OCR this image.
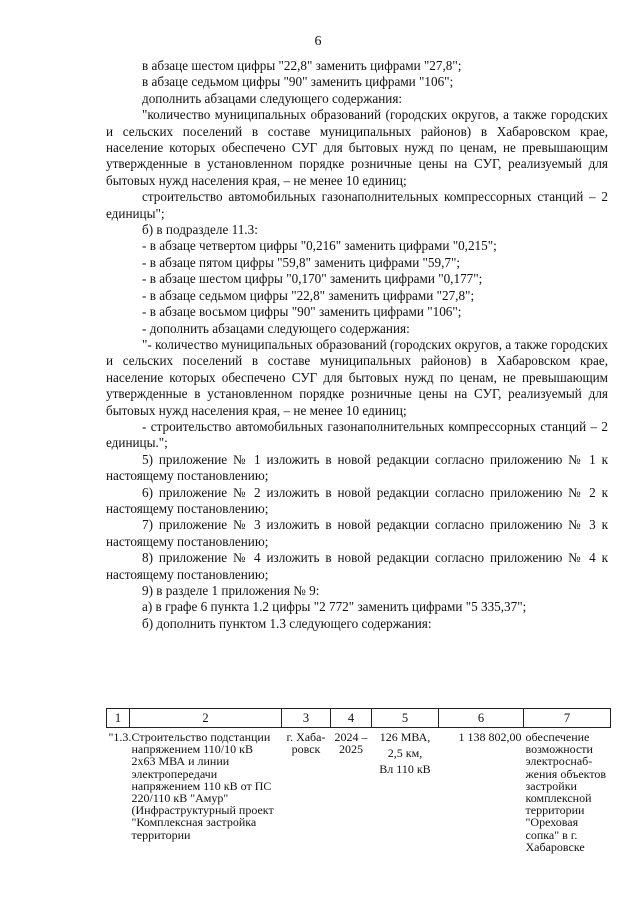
6

в абзаце шестом цифры "22,8" заменить цифрами "27,8";

в абзаце седьмом цифры "90" заменить цифрами "106";

дополнить абзацами следующего содержания:

"количество муниципальных образований (городских округов, а также городских и сельских поселений в составе муниципальных районов) в Хабаровском крае, население которых обеспечено СУГ для бытовых нужд по ценам, не превышающим утвержденные в установленном порядке розничные цены на СУГ, реализуемый для бытовых нужд населения края, – не менее 10 единиц;

строительство автомобильных газонаполнительных компрессорных станций – 2 единицы";

б) в подразделе 11.3:

- в абзаце четвертом цифры "0,216" заменить цифрами "0,215";

- в абзаце пятом цифры "59,8" заменить цифрами "59,7";

- в абзаце шестом цифры "0,170" заменить цифрами "0,177";

- в абзаце седьмом цифры "22,8" заменить цифрами "27,8";

- в абзаце восьмом цифры "90" заменить цифрами "106";

- дополнить абзацами следующего содержания:

"- количество муниципальных образований (городских округов, а также городских и сельских поселений в составе муниципальных районов) в Хабаровском крае, население которых обеспечено СУГ для бытовых нужд по ценам, не превышающим утвержденные в установленном порядке розничные цены на СУГ, реализуемый для бытовых нужд населения края, – не менее 10 единиц;

- строительство автомобильных газонаполнительных компрессорных станций – 2 единицы.";

5) приложение № 1 изложить в новой редакции согласно приложению № 1 к настоящему постановлению;

6) приложение № 2 изложить в новой редакции согласно приложению № 2 к настоящему постановлению;

7) приложение № 3 изложить в новой редакции согласно приложению № 3 к настоящему постановлению;

8) приложение № 4 изложить в новой редакции согласно приложению № 4 к настоящему постановлению;

9) в разделе 1 приложения № 9:

а) в графе 6 пункта 1.2 цифры "2 772" заменить цифрами "5 335,37";

б) дополнить пунктом 1.3 следующего содержания:

1	2	3	4	5	6	7
"1.3.	Строительство подстанции напряжением 110/10 кВ 2х63 МВА и линии электропередачи напряжением 110 кВ от ПС 220/110 кВ "Амур" (Инфраструктурный проект "Комплексная застройка территории	г. Хаба-ровск	2024 – 2025	126 МВА,
2,5 км,
Вл 110 кВ	1 138 802,00	обеспечение возможности электроснаб-жения объектов застройки комплексной территории "Ореховая сопка" в г. Хабаровске
